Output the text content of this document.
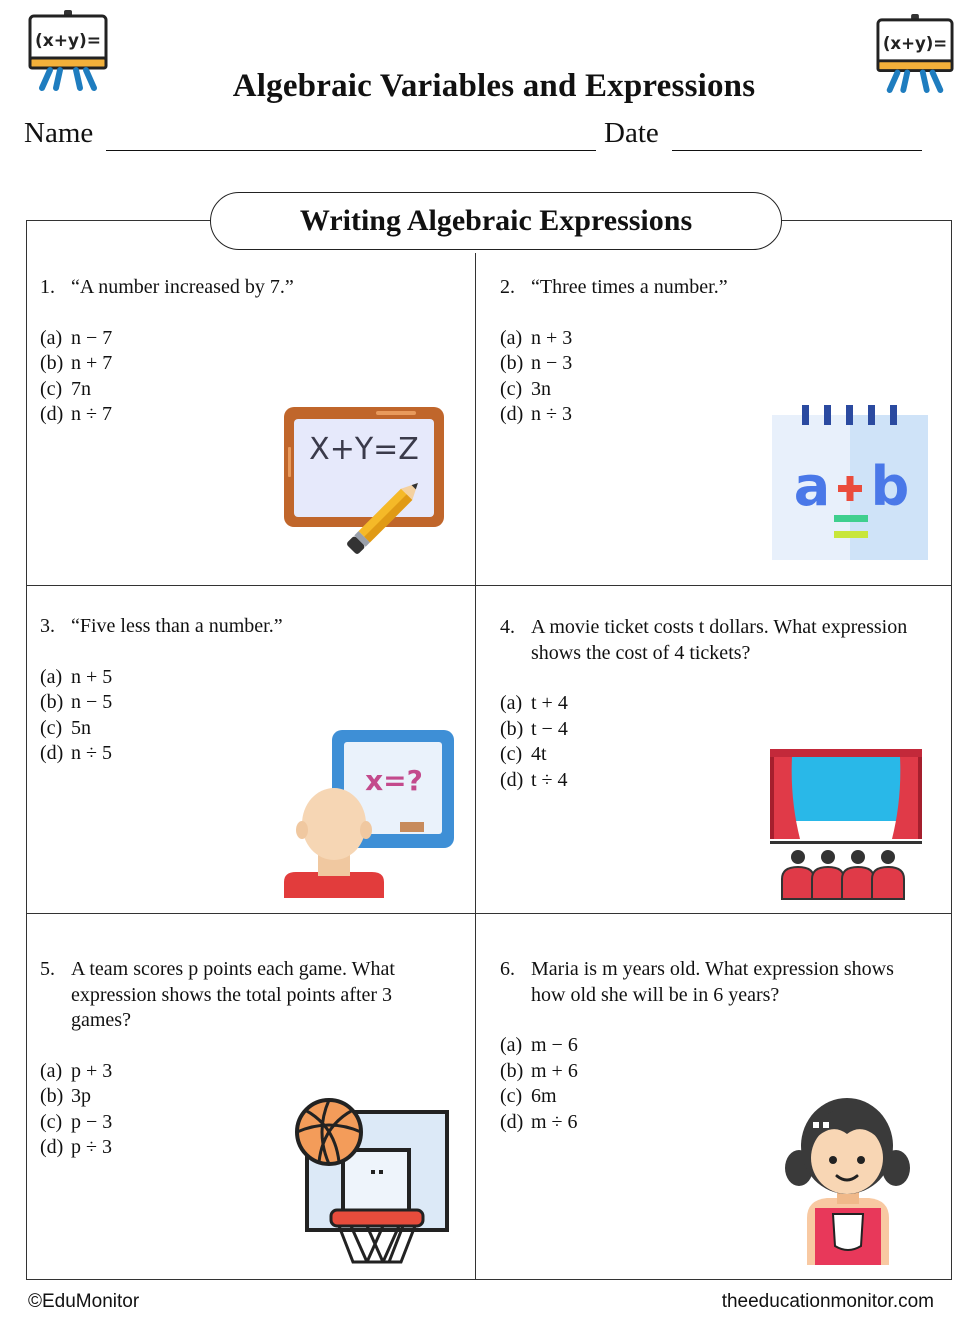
(x+y)=	(x+y)=
Algebraic Variables and Expressions
Name	Date
Writing Algebraic Expressions
1. “A number increased by 7.”
(a) n − 7
(b) n + 7
(c) 7n
(d) n ÷ 7
2. “Three times a number.”
(a) n + 3
(b) n − 3
(c) 3n
(d) n ÷ 3
3. “Five less than a number.”
(a) n + 5
(b) n − 5
(c) 5n
(d) n ÷ 5
4. A movie ticket costs t dollars. What expression shows the cost of 4 tickets?
(a) t + 4
(b) t − 4
(c) 4t
(d) t ÷ 4
5. A team scores p points each game. What expression shows the total points after 3 games?
(a) p + 3
(b) 3p
(c) p − 3
(d) p ÷ 3
6. Maria is m years old. What expression shows how old she will be in 6 years?
(a) m − 6
(b) m + 6
(c) 6m
(d) m ÷ 6
X+Y=Z
a b
x=?
©EduMonitor	theeducationmonitor.com
